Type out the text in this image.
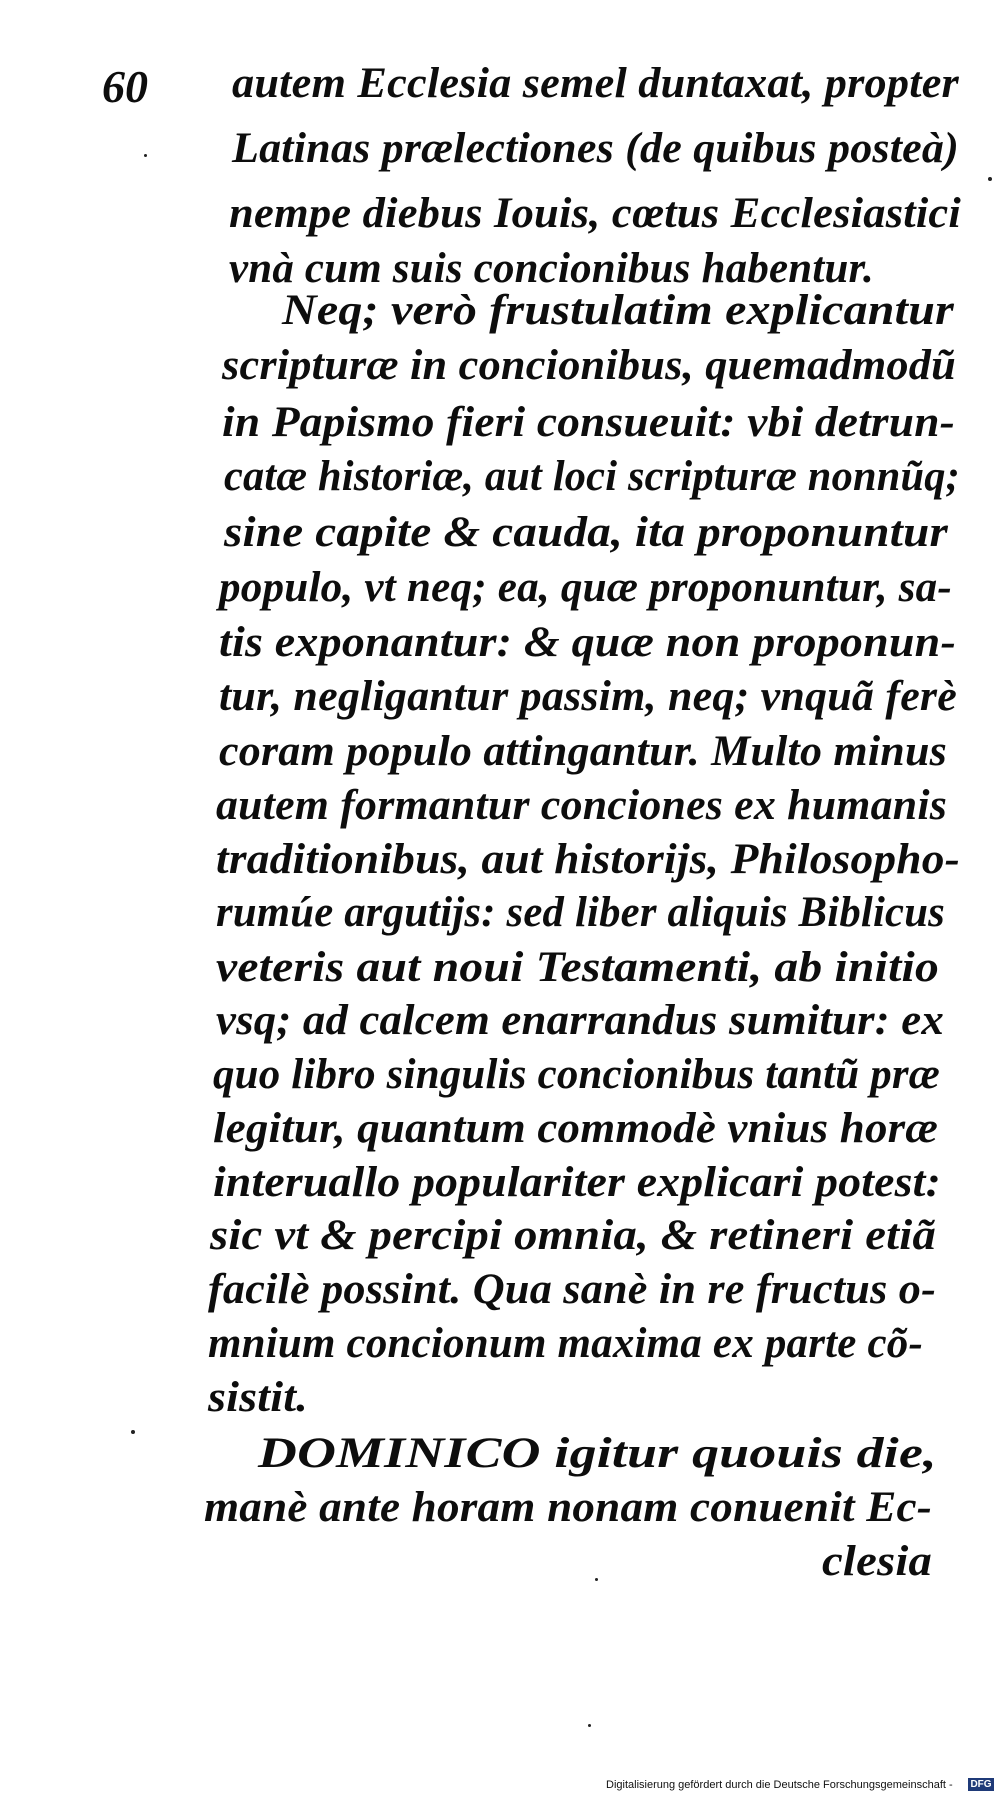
60 autem Ecclesia semel duntaxat, propter
Latinas prælectiones (de quibus posteà)
nempe diebus Iouis, cœtus Ecclesiastici
vnà cum suis concionibus habentur.
Neq; verò frustulatim explicantur
scripturæ in concionibus, quemadmodũ
in Papismo fieri consueuit: vbi detrun-
catæ historiæ, aut loci scripturæ nonnũq;
sine capite & cauda, ita proponuntur
populo, vt neq; ea, quæ proponuntur, sa-
tis exponantur: & quæ non proponun-
tur, negligantur passim, neq; vnquã ferè
coram populo attingantur. Multo minus
autem formantur conciones ex humanis
traditionibus, aut historijs, Philosopho-
rumúe argutijs: sed liber aliquis Biblicus
veteris aut noui Testamenti, ab initio
vsq; ad calcem enarrandus sumitur: ex
quo libro singulis concionibus tantũ præ
legitur, quantum commodè vnius horæ
interuallo populariter explicari potest:
sic vt & percipi omnia, & retineri etiã
facilè possint. Qua sanè in re fructus o-
mnium concionum maxima ex parte cõ-
sistit.
DOMINICO igitur quouis die,
manè ante horam nonam conuenit Ec-
clesia
Digitalisierung gefördert durch die Deutsche Forschungsgemeinschaft - DFG
